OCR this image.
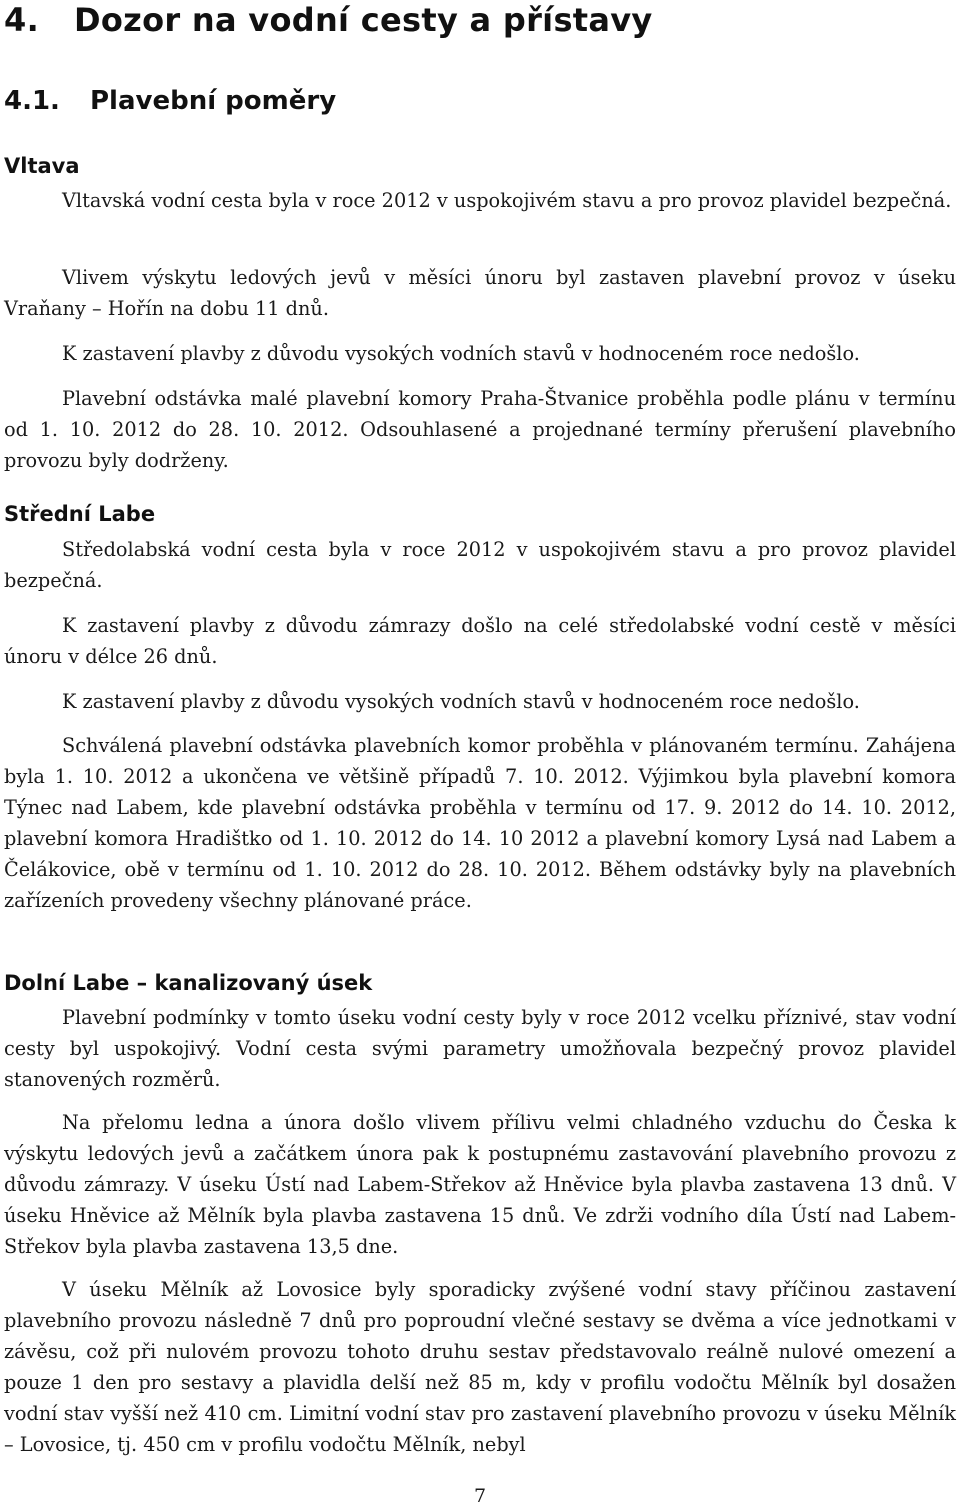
4. Dozor na vodní cesty a přístavy
4.1. Plavební poměry
Vltava

Vltavská vodní cesta byla v roce 2012 v uspokojivém stavu a pro provoz plavidel bezpečná.

Vlivem výskytu ledových jevů v měsíci únoru byl zastaven plavební provoz v úseku Vraňany – Hořín na dobu 11 dnů.

K zastavení plavby z důvodu vysokých vodních stavů v hodnoceném roce nedošlo.

Plavební odstávka malé plavební komory Praha-Štvanice proběhla podle plánu v termínu od 1. 10. 2012 do 28. 10. 2012. Odsouhlasené a projednané termíny přerušení plavebního provozu byly dodrženy.

Střední Labe

Středolabská vodní cesta byla v roce 2012 v uspokojivém stavu a pro provoz plavidel bezpečná.

K zastavení plavby z důvodu zámrazy došlo na celé středolabské vodní cestě v měsíci únoru v délce 26 dnů.

K zastavení plavby z důvodu vysokých vodních stavů v hodnoceném roce nedošlo.

Schválená plavební odstávka plavebních komor proběhla v plánovaném termínu. Zahájena byla 1. 10. 2012 a ukončena ve většině případů 7. 10. 2012. Výjimkou byla plavební komora Týnec nad Labem, kde plavební odstávka proběhla v termínu od 17. 9. 2012 do 14. 10. 2012, plavební komora Hradištko od 1. 10. 2012 do 14. 10 2012 a plavební komory Lysá nad Labem a Čelákovice, obě v termínu od 1. 10. 2012 do 28. 10. 2012. Během odstávky byly na plavebních zařízeních provedeny všechny plánované práce.

Dolní Labe – kanalizovaný úsek

Plavební podmínky v tomto úseku vodní cesty byly v roce 2012 vcelku příznivé, stav vodní cesty byl uspokojivý. Vodní cesta svými parametry umožňovala bezpečný provoz plavidel stanovených rozměrů.

Na přelomu ledna a února došlo vlivem přílivu velmi chladného vzduchu do Česka k výskytu ledových jevů a začátkem února pak k postupnému zastavování plavebního provozu z důvodu zámrazy. V úseku Ústí nad Labem-Střekov až Hněvice byla plavba zastavena 13 dnů. V úseku Hněvice až Mělník byla plavba zastavena 15 dnů. Ve zdrži vodního díla Ústí nad Labem-Střekov byla plavba zastavena 13,5 dne.

V úseku Mělník až Lovosice byly sporadicky zvýšené vodní stavy příčinou zastavení plavebního provozu následně 7 dnů pro poproudní vlečné sestavy se dvěma a více jednotkami v závěsu, což při nulovém provozu tohoto druhu sestav představovalo reálně nulové omezení a pouze 1 den pro sestavy a plavidla delší než 85 m, kdy v profilu vodočtu Mělník byl dosažen vodní stav vyšší než 410 cm. Limitní vodní stav pro zastavení plavebního provozu v úseku Mělník – Lovosice, tj. 450 cm v profilu vodočtu Mělník, nebyl

7
